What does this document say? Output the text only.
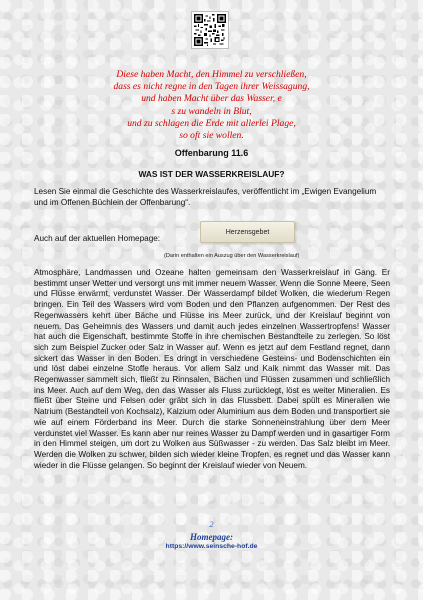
Diese haben Macht, den Himmel zu verschließen,
dass es nicht regne in den Tagen ihrer Weissagung,
und haben Macht über das Wasser, e
s zu wandeln in Blut,
und zu schlagen die Erde mit allerlei Plage,
so oft sie wollen.
Offenbarung 11.6
WAS IST DER WASSERKREISLAUF?
Lesen Sie einmal die Geschichte des Wasserkreislaufes, veröffentlicht im „Ewigen Evangelium und im Offenen Büchlein der Offenbarung“.
Auch auf der aktuellen Homepage:
Herzensgebet
(Darin enthalten ein Auszug über den Wasserkreislauf)
Atmosphäre, Landmassen und Ozeane halten gemeinsam den Wasserkreislauf in Gang. Er bestimmt unser Wetter und versorgt uns mit immer neuem Wasser. Wenn die Sonne Meere, Seen und Flüsse erwärmt, verdunstet Wasser. Der Wasserdampf bildet Wolken, die wiederum Regen bringen. Ein Teil des Wassers wird vom Boden und den Pflanzen aufgenommen. Der Rest des Regenwassers kehrt über Bäche und Flüsse ins Meer zurück, und der Kreislauf beginnt von neuem. Das Geheimnis des Wassers und damit auch jedes einzelnen Wassertropfens! Wasser hat auch die Eigenschaft, bestimmte Stoffe in ihre chemischen Bestandteile zu zerlegen. So löst sich zum Beispiel Zucker oder Salz in Wasser auf. Wenn es jetzt auf dem Festland regnet, dann sickert das Wasser in den Boden. Es dringt in verschiedene Gesteins- und Bodenschichten ein und löst dabei einzelne Stoffe heraus. Vor allem Salz und Kalk nimmt das Wasser mit. Das Regenwasser sammelt sich, fließt zu Rinnsalen, Bächen und Flüssen zusammen und schließlich ins Meer. Auch auf dem Weg, den das Wasser als Fluss zurücklegt, löst es weiter Mineralien. Es fließt über Steine und Felsen oder gräbt sich in das Flussbett. Dabei spült es Mineralien wie Natrium (Bestandteil von Kochsalz), Kalzium oder Aluminium aus dem Boden und transportiert sie wie auf einem Förderband ins Meer. Durch die starke Sonneneinstrahlung über dem Meer verdunstet viel Wasser. Es kann aber nur reines Wasser zu Dampf werden und in gasartiger Form in den Himmel steigen, um dort zu Wolken aus Süßwasser - zu werden. Das Salz bleibt im Meer. Werden die Wolken zu schwer, bilden sich wieder kleine Tropfen, es regnet und das Wasser kann wieder in die Flüsse gelangen. So beginnt der Kreislauf wieder von Neuem.
2
Homepage:
https://www.seinsche-hof.de
